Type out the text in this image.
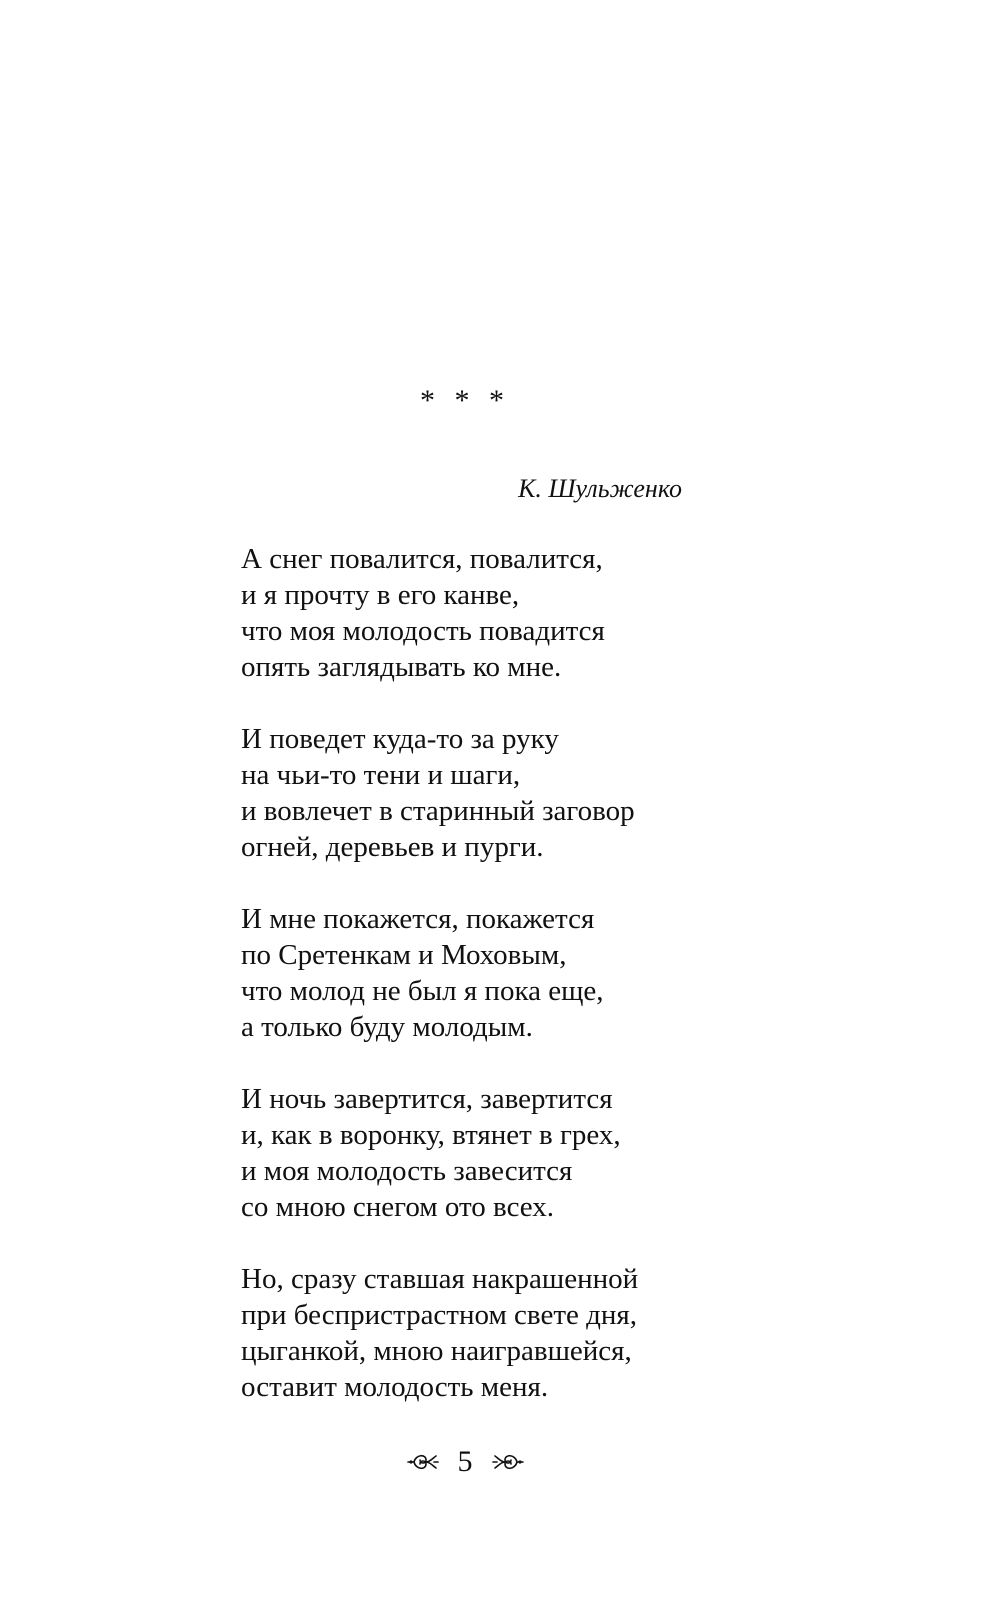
* * *
К. Шульженко
А снег повалится, повалится,
и я прочту в его канве,
что моя молодость повадится
опять заглядывать ко мне.
И поведет куда-то за руку
на чьи-то тени и шаги,
и вовлечет в старинный заговор
огней, деревьев и пурги.
И мне покажется, покажется
по Сретенкам и Моховым,
что молод не был я пока еще,
а только буду молодым.
И ночь завертится, завертится
и, как в воронку, втянет в грех,
и моя молодость завесится
со мною снегом ото всех.
Но, сразу ставшая накрашенной
при беспристрастном свете дня,
цыганкой, мною наигравшейся,
оставит молодость меня.
5
